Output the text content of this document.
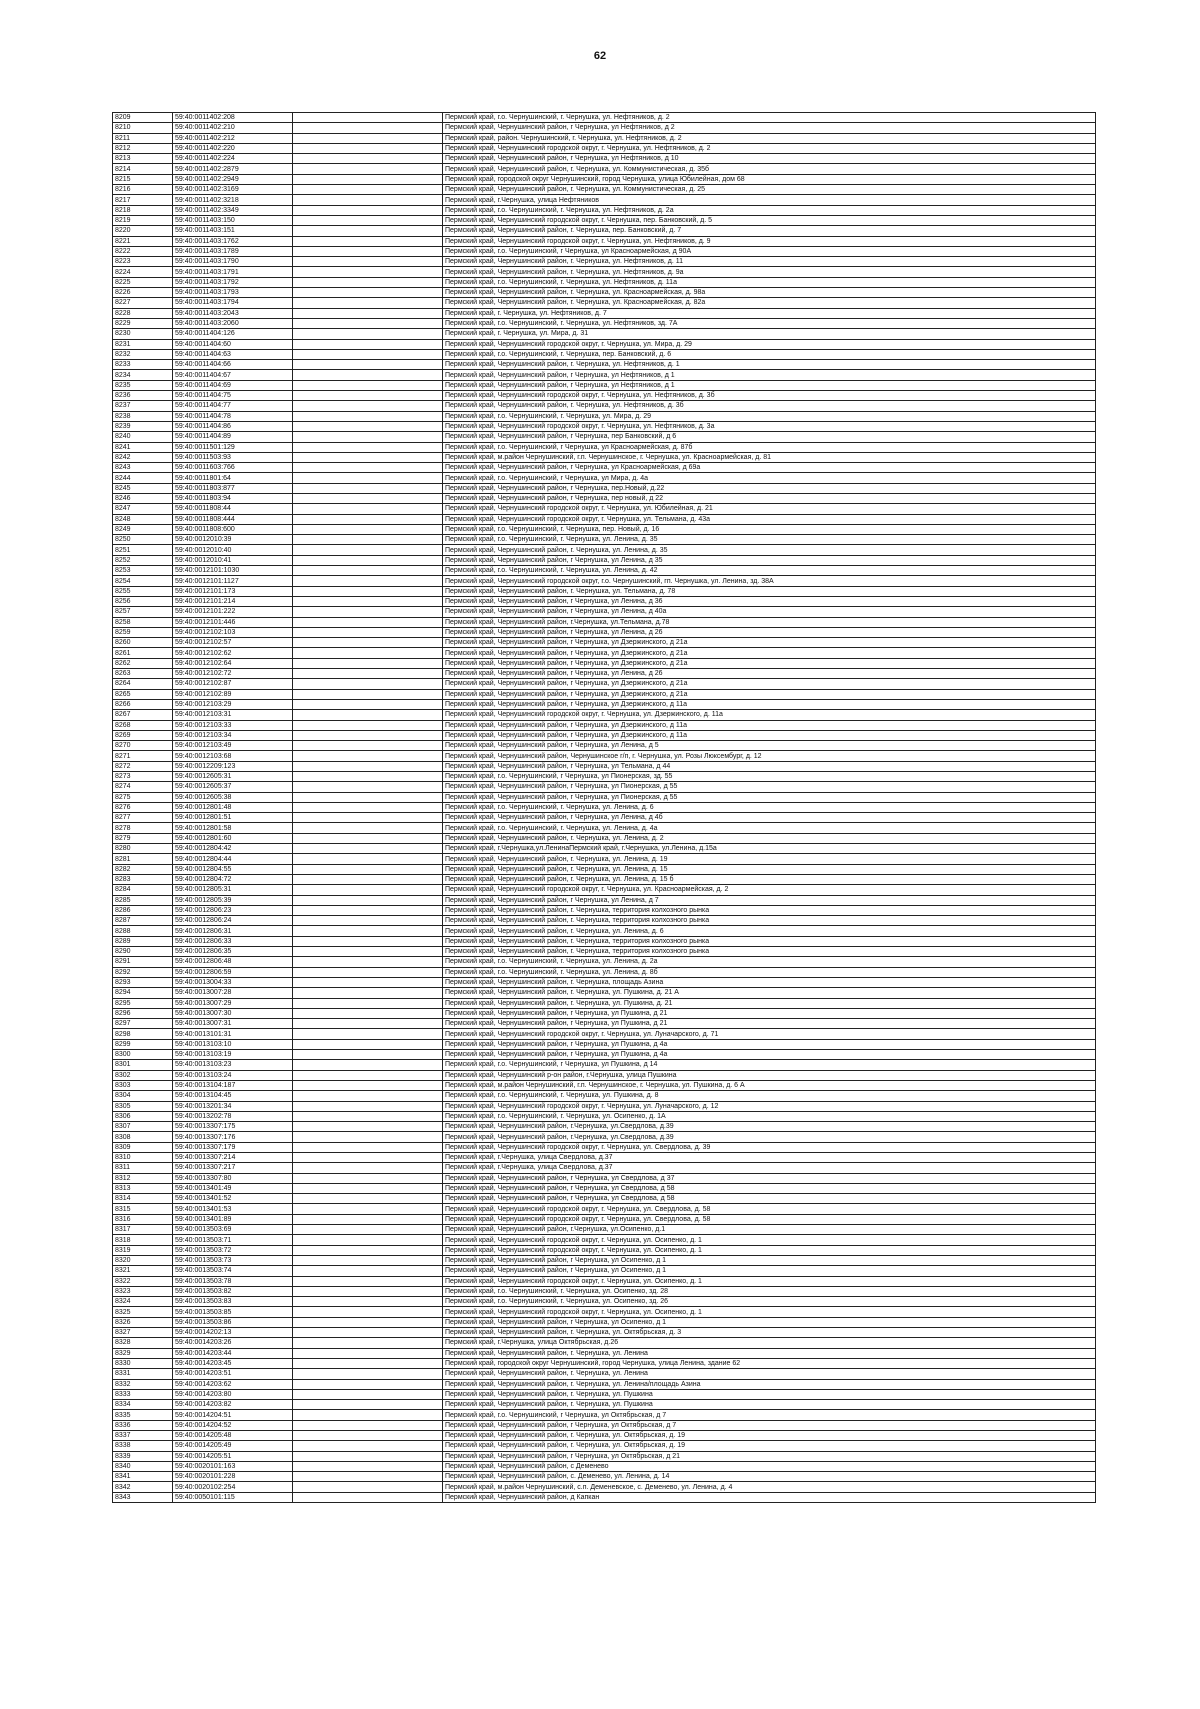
62
8209	59:40:0011402:208		Пермский край, г.о. Чернушинский, г. Чернушка, ул. Нефтяников, д. 2
8210	59:40:0011402:210		Пермский край, Чернушинский район, г Чернушка, ул Нефтяников, д 2
8211	59:40:0011402:212		Пермский край, район. Чернушинский, г. Чернушка, ул. Нефтяников, д. 2
8212	59:40:0011402:220		Пермский край, Чернушинский городской округ, г. Чернушка, ул. Нефтяников, д. 2
8213	59:40:0011402:224		Пермский край, Чернушинский район, г Чернушка, ул Нефтяников, д 10
8214	59:40:0011402:2879		Пермский край, Чернушинский район, г. Чернушка, ул. Коммунистическая, д. 35б
8215	59:40:0011402:2949		Пермский край, городской округ Чернушинский, город Чернушка, улица Юбилейная, дом 68
8216	59:40:0011402:3169		Пермский край, Чернушинский район, г. Чернушка, ул. Коммунистическая, д. 25
8217	59:40:0011402:3218		Пермский край, г.Чернушка, улица Нефтяников
8218	59:40:0011402:3349		Пермский край, г.о. Чернушинский, г. Чернушка, ул. Нефтяников, д. 2а
8219	59:40:0011403:150		Пермский край, Чернушинский городской округ, г. Чернушка, пер. Банковский, д. 5
8220	59:40:0011403:151		Пермский край, Чернушинский район, г. Чернушка, пер. Банковский, д. 7
8221	59:40:0011403:1762		Пермский край, Чернушинский городской округ, г. Чернушка, ул. Нефтяников, д. 9
8222	59:40:0011403:1789		Пермский край, г.о. Чернушинский, г Чернушка, ул Красноармейская, д 90А
8223	59:40:0011403:1790		Пермский край, Чернушинский район, г. Чернушка, ул. Нефтяников, д. 11
8224	59:40:0011403:1791		Пермский край, Чернушинский район, г. Чернушка, ул. Нефтяников, д. 9а
8225	59:40:0011403:1792		Пермский край, г.о. Чернушинский, г. Чернушка, ул. Нефтяников, д. 11а
8226	59:40:0011403:1793		Пермский край, Чернушинский район, г. Чернушка, ул. Красноармейская, д. 98а
8227	59:40:0011403:1794		Пермский край, Чернушинский район, г. Чернушка, ул. Красноармейская, д. 82а
8228	59:40:0011403:2043		Пермский край, г. Чернушка, ул. Нефтяников, д. 7
8229	59:40:0011403:2060		Пермский край, г.о. Чернушинский, г. Чернушка, ул. Нефтяников, зд. 7А
8230	59:40:0011404:126		Пермский край, г. Чернушка, ул. Мира, д. 31
8231	59:40:0011404:60		Пермский край, Чернушинский городской округ, г. Чернушка, ул. Мира, д. 29
8232	59:40:0011404:63		Пермский край, г.о. Чернушинский, г. Чернушка, пер. Банковский, д. 6
8233	59:40:0011404:66		Пермский край, Чернушинский район, г. Чернушка, ул. Нефтяников, д. 1
8234	59:40:0011404:67		Пермский край, Чернушинский район, г Чернушка, ул Нефтяников, д 1
8235	59:40:0011404:69		Пермский край, Чернушинский район, г Чернушка, ул Нефтяников, д 1
8236	59:40:0011404:75		Пермский край, Чернушинский городской округ, г. Чернушка, ул. Нефтяников, д. 3б
8237	59:40:0011404:77		Пермский край, Чернушинский район, г. Чернушка, ул. Нефтяников, д. 3б
8238	59:40:0011404:78		Пермский край, г.о. Чернушинский, г. Чернушка, ул. Мира, д. 29
8239	59:40:0011404:86		Пермский край, Чернушинский городской округ, г. Чернушка, ул. Нефтяников, д. 3а
8240	59:40:0011404:89		Пермский край, Чернушинский район, г Чернушка, пер Банковский, д 6
8241	59:40:0011501:129		Пермский край, г.о. Чернушинский, г Чернушка, ул Красноармейская, д. 87б
8242	59:40:0011503:93		Пермский край, м.район Чернушинский, г.п. Чернушинское, г. Чернушка, ул. Красноармейская, д. 81
8243	59:40:0011603:766		Пермский край, Чернушинский район, г Чернушка, ул Красноармейская, д 69а
8244	59:40:0011801:64		Пермский край, г.о. Чернушинский, г Чернушка, ул Мира, д. 4а
8245	59:40:0011803:877		Пермский край, Чернушинский район, г Чернушка, пер.Новый, д.22
8246	59:40:0011803:94		Пермский край, Чернушинский район, г Чернушка, пер новый, д 22
8247	59:40:0011808:44		Пермский край, Чернушинский городской округ, г. Чернушка, ул. Юбилейная, д. 21
8248	59:40:0011808:444		Пермский край, Чернушинский городской округ, г. Чернушка, ул. Тельмана, д. 43а
8249	59:40:0011808:600		Пермский край, г.о. Чернушинский, г. Чернушка, пер. Новый, д. 16
8250	59:40:0012010:39		Пермский край, г.о. Чернушинский, г. Чернушка, ул. Ленина, д. 35
8251	59:40:0012010:40		Пермский край, Чернушинский район, г. Чернушка, ул. Ленина, д. 35
8252	59:40:0012010:41		Пермский край, Чернушинский район, г Чернушка, ул Ленина, д 35
8253	59:40:0012101:1030		Пермский край, г.о. Чернушинский, г. Чернушка, ул. Ленина, д. 42
8254	59:40:0012101:1127		Пермский край, Чернушинский городской округ, г.о. Чернушинский, гп. Чернушка, ул. Ленина, зд. 38А
8255	59:40:0012101:173		Пермский край, Чернушинский район, г. Чернушка, ул. Тельмана, д. 78
8256	59:40:0012101:214		Пермский край, Чернушинский район, г Чернушка, ул Ленина, д 36
8257	59:40:0012101:222		Пермский край, Чернушинский район, г Чернушка, ул Ленина, д 40а
8258	59:40:0012101:446		Пермский край, Чернушинский район, г.Чернушка, ул.Тельмана, д.78
8259	59:40:0012102:103		Пермский край, Чернушинский район, г Чернушка, ул Ленина, д 26
8260	59:40:0012102:57		Пермский край, Чернушинский район, г Чернушка, ул Дзержинского, д 21а
8261	59:40:0012102:62		Пермский край, Чернушинский район, г Чернушка, ул Дзержинского, д 21а
8262	59:40:0012102:64		Пермский край, Чернушинский район, г Чернушка, ул Дзержинского, д 21а
8263	59:40:0012102:72		Пермский край, Чернушинский район, г Чернушка, ул Ленина, д 26
8264	59:40:0012102:87		Пермский край, Чернушинский район, г Чернушка, ул Дзержинского, д 21а
8265	59:40:0012102:89		Пермский край, Чернушинский район, г Чернушка, ул Дзержинского, д 21а
8266	59:40:0012103:29		Пермский край, Чернушинский район, г Чернушка, ул Дзержинского, д 11а
8267	59:40:0012103:31		Пермский край, Чернушинский городской округ, г. Чернушка, ул. Дзержинского, д. 11а
8268	59:40:0012103:33		Пермский край, Чернушинский район, г Чернушка, ул Дзержинского, д 11а
8269	59:40:0012103:34		Пермский край, Чернушинский район, г Чернушка, ул Дзержинского, д 11а
8270	59:40:0012103:49		Пермский край, Чернушинский район, г Чернушка, ул Ленина, д 5
8271	59:40:0012103:68		Пермский край, Чернушинский район, Чернушинское г/п, г. Чернушка, ул. Розы Люксембург, д. 12
8272	59:40:0012209:123		Пермский край, Чернушинский район, г Чернушка, ул Тельмана, д 44
8273	59:40:0012605:31		Пермский край, г.о. Чернушинский, г Чернушка, ул Пионерская, зд. 55
8274	59:40:0012605:37		Пермский край, Чернушинский район, г Чернушка, ул Пионерская, д 55
8275	59:40:0012605:38		Пермский край, Чернушинский район, г Чернушка, ул Пионерская, д 55
8276	59:40:0012801:48		Пермский край, г.о. Чернушинский, г. Чернушка, ул. Ленина, д. 6
8277	59:40:0012801:51		Пермский край, Чернушинский район, г Чернушка, ул Ленина, д 4б
8278	59:40:0012801:58		Пермский край, г.о. Чернушинский, г. Чернушка, ул. Ленина, д. 4а
8279	59:40:0012801:60		Пермский край, Чернушинский район, г. Чернушка, ул. Ленина, д. 2
8280	59:40:0012804:42		Пермский край, г.Чернушка,ул.ЛенинаПермский край, г.Чернушка, ул.Ленина, д.15а
8281	59:40:0012804:44		Пермский край, Чернушинский район, г. Чернушка, ул. Ленина, д. 19
8282	59:40:0012804:55		Пермский край, Чернушинский район, г. Чернушка, ул. Ленина, д. 15
8283	59:40:0012804:72		Пермский край, Чернушинский район, г. Чернушка, ул. Ленина, д. 15 б
8284	59:40:0012805:31		Пермский край, Чернушинский городской округ, г. Чернушка, ул. Красноармейская, д. 2
8285	59:40:0012805:39		Пермский край, Чернушинский район, г Чернушка, ул Ленина, д 7
8286	59:40:0012806:23		Пермский край, Чернушинский район, г. Чернушка, территория колхозного рынка
8287	59:40:0012806:24		Пермский край, Чернушинский район, г. Чернушка, территория колхозного рынка
8288	59:40:0012806:31		Пермский край, Чернушинский район, г. Чернушка, ул. Ленина, д. 6
8289	59:40:0012806:33		Пермский край, Чернушинский район, г. Чернушка, территория колхозного рынка
8290	59:40:0012806:35		Пермский край, Чернушинский район, г. Чернушка, территория колхозного рынка
8291	59:40:0012806:48		Пермский край, г.о. Чернушинский, г. Чернушка, ул. Ленина, д. 2а
8292	59:40:0012806:59		Пермский край, г.о. Чернушинский, г. Чернушка, ул. Ленина, д. 8б
8293	59:40:0013004:33		Пермский край, Чернушинский район, г. Чернушка, площадь Азина
8294	59:40:0013007:28		Пермский край, Чернушинский район, г. Чернушка, ул. Пушкина, д. 21 А
8295	59:40:0013007:29		Пермский край, Чернушинский район, г. Чернушка, ул. Пушкина, д. 21
8296	59:40:0013007:30		Пермский край, Чернушинский район, г Чернушка, ул Пушкина, д 21
8297	59:40:0013007:31		Пермский край, Чернушинский район, г Чернушка, ул Пушкина, д 21
8298	59:40:0013101:31		Пермский край, Чернушинский городской округ, г. Чернушка, ул. Луначарского, д. 71
8299	59:40:0013103:10		Пермский край, Чернушинский район, г Чернушка, ул Пушкина, д 4а
8300	59:40:0013103:19		Пермский край, Чернушинский район, г Чернушка, ул Пушкина, д 4а
8301	59:40:0013103:23		Пермский край, г.о. Чернушинский, г Чернушка, ул Пушкина, д 14
8302	59:40:0013103:24		Пермский край, Чернушинский р-он район, г.Чернушка, улица Пушкина
8303	59:40:0013104:187		Пермский край, м.район Чернушинский, г.п. Чернушинское, г. Чернушка, ул. Пушкина, д. 6 А
8304	59:40:0013104:45		Пермский край, г.о. Чернушинский, г. Чернушка, ул. Пушкина, д. 8
8305	59:40:0013201:34		Пермский край, Чернушинский городской округ, г. Чернушка, ул. Луначарского, д. 12
8306	59:40:0013202:78		Пермский край, г.о. Чернушинский, г. Чернушка, ул. Осипенко, д. 1А
8307	59:40:0013307:175		Пермский край, Чернушинский район, г.Чернушка, ул.Свердлова, д.39
8308	59:40:0013307:176		Пермский край, Чернушинский район, г.Чернушка, ул.Свердлова, д.39
8309	59:40:0013307:179		Пермский край, Чернушинский городской округ, г. Чернушка, ул. Свердлова, д. 39
8310	59:40:0013307:214		Пермский край, г.Чернушка, улица Свердлова, д.37
8311	59:40:0013307:217		Пермский край, г.Чернушка, улица Свердлова, д.37
8312	59:40:0013307:80		Пермский край, Чернушинский район, г Чернушка, ул Свердлова, д 37
8313	59:40:0013401:49		Пермский край, Чернушинский район, г Чернушка, ул Свердлова, д 58
8314	59:40:0013401:52		Пермский край, Чернушинский район, г Чернушка, ул Свердлова, д 58
8315	59:40:0013401:53		Пермский край, Чернушинский городской округ, г. Чернушка, ул. Свердлова, д. 58
8316	59:40:0013401:89		Пермский край, Чернушинский городской округ, г. Чернушка, ул. Свердлова, д. 58
8317	59:40:0013503:69		Пермский край, Чернушинский район, г.Чернушка, ул.Осипенко, д.1
8318	59:40:0013503:71		Пермский край, Чернушинский городской округ, г. Чернушка, ул. Осипенко, д. 1
8319	59:40:0013503:72		Пермский край, Чернушинский городской округ, г. Чернушка, ул. Осипенко, д. 1
8320	59:40:0013503:73		Пермский край, Чернушинский район, г Чернушка, ул Осипенко, д 1
8321	59:40:0013503:74		Пермский край, Чернушинский район, г Чернушка, ул Осипенко, д 1
8322	59:40:0013503:78		Пермский край, Чернушинский городской округ, г. Чернушка, ул. Осипенко, д. 1
8323	59:40:0013503:82		Пермский край, г.о. Чернушинский, г. Чернушка, ул. Осипенко, зд. 28
8324	59:40:0013503:83		Пермский край, г.о. Чернушинский, г. Чернушка, ул. Осипенко, зд. 26
8325	59:40:0013503:85		Пермский край, Чернушинский городской округ, г. Чернушка, ул. Осипенко, д. 1
8326	59:40:0013503:86		Пермский край, Чернушинский район, г Чернушка, ул Осипенко, д 1
8327	59:40:0014202:13		Пермский край, Чернушинский район, г. Чернушка, ул. Октябрьская, д. 3
8328	59:40:0014203:26		Пермский край, г.Чернушка, улица Октябрьская, д.26
8329	59:40:0014203:44		Пермский край, Чернушинский район, г. Чернушка, ул. Ленина
8330	59:40:0014203:45		Пермский край, городской округ Чернушинский, город Чернушка, улица Ленина, здание 62
8331	59:40:0014203:51		Пермский край, Чернушинский район, г. Чернушка, ул. Ленина
8332	59:40:0014203:62		Пермский край, Чернушинский район, г. Чернушка, ул. Ленина/площадь Азина
8333	59:40:0014203:80		Пермский край, Чернушинский район, г. Чернушка, ул. Пушкина
8334	59:40:0014203:82		Пермский край, Чернушинский район, г. Чернушка, ул. Пушкина
8335	59:40:0014204:51		Пермский край, г.о. Чернушинский, г Чернушка, ул Октябрьская, д 7
8336	59:40:0014204:52		Пермский край, Чернушинский район, г Чернушка, ул Октябрьская, д 7
8337	59:40:0014205:48		Пермский край, Чернушинский район, г. Чернушка, ул. Октябрьская, д. 19
8338	59:40:0014205:49		Пермский край, Чернушинский район, г. Чернушка, ул. Октябрьская, д. 19
8339	59:40:0014205:51		Пермский край, Чернушинский район, г Чернушка, ул Октябрьская, д 21
8340	59:40:0020101:163		Пермский край, Чернушинский район, с Деменево
8341	59:40:0020101:228		Пермский край, Чернушинский район, с. Деменево, ул. Ленина, д. 14
8342	59:40:0020102:254		Пермский край, м.район Чернушинский, с.п. Деменевское, с. Деменево, ул. Ленина, д. 4
8343	59:40:0050101:115		Пермский край, Чернушинский район, д Капкан
